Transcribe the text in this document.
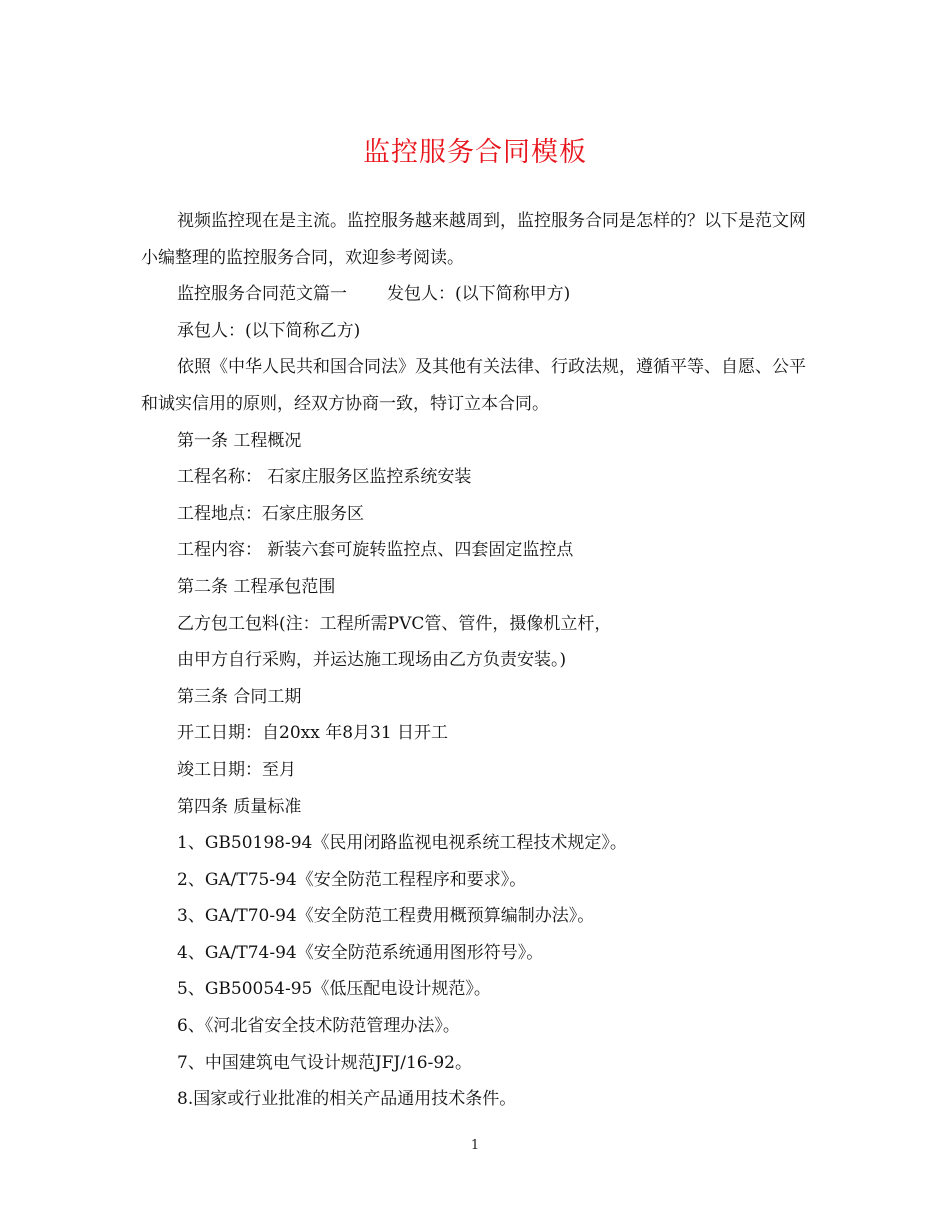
监控服务合同模板

视频监控现在是主流。监控服务越来越周到，监控服务合同是怎样的？以下是范文网小编整理的监控服务合同，欢迎参考阅读。

监控服务合同范文篇一 发包人：(以下简称甲方)

承包人：(以下简称乙方)

依照《中华人民共和国合同法》及其他有关法律、行政法规，遵循平等、自愿、公平和诚实信用的原则，经双方协商一致，特订立本合同。

第一条 工程概况

工程名称： 石家庄服务区监控系统安装

工程地点：石家庄服务区

工程内容： 新装六套可旋转监控点、四套固定监控点

第二条 工程承包范围

乙方包工包料(注：工程所需PVC管、管件，摄像机立杆，

由甲方自行采购，并运达施工现场由乙方负责安装。)

第三条 合同工期

开工日期：自20xx 年8月31 日开工

竣工日期：至月

第四条 质量标准

1、GB50198-94《民用闭路监视电视系统工程技术规定》。

2、GA/T75-94《安全防范工程程序和要求》。

3、GA/T70-94《安全防范工程费用概预算编制办法》。

4、GA/T74-94《安全防范系统通用图形符号》。

5、GB50054-95《低压配电设计规范》。

6、《河北省安全技术防范管理办法》。

7、中国建筑电气设计规范JFJ/16-92。

8.国家或行业批准的相关产品通用技术条件。

1
